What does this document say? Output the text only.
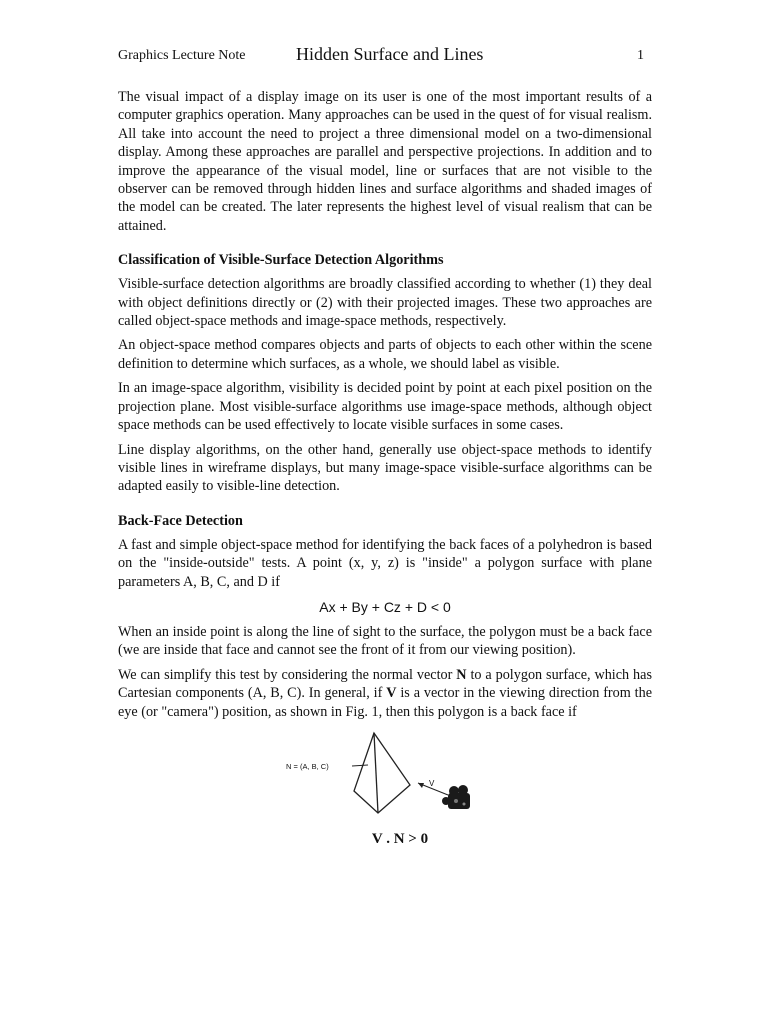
Graphics Lecture Note	Hidden Surface and Lines	1

The visual impact of a display image on its user is one of the most important results of a computer graphics operation. Many approaches can be used in the quest of for visual realism. All take into account the need to project a three dimensional model on a two-dimensional display. Among these approaches are parallel and perspective projections. In addition and to improve the appearance of the visual model, line or surfaces that are not visible to the observer can be removed through hidden lines and surface algorithms and shaded images of the model can be created. The later represents the highest level of visual realism that can be attained.

Classification of Visible-Surface Detection Algorithms

Visible-surface detection algorithms are broadly classified according to whether (1) they deal with object definitions directly or (2) with their projected images. These two approaches are called object-space methods and image-space methods, respectively.

An object-space method compares objects and parts of objects to each other within the scene definition to determine which surfaces, as a whole, we should label as visible.

In an image-space algorithm, visibility is decided point by point at each pixel position on the projection plane. Most visible-surface algorithms use image-space methods, although object space methods can be used effectively to locate visible surfaces in some cases.

Line display algorithms, on the other hand, generally use object-space methods to identify visible lines in wireframe displays, but many image-space visible-surface algorithms can be adapted easily to visible-line detection.

Back-Face Detection

A fast and simple object-space method for identifying the back faces of a polyhedron is based on the "inside-outside" tests. A point (x, y, z) is "inside" a polygon surface with plane parameters A, B, C, and D if

Ax + By + Cz + D < 0

When an inside point is along the line of sight to the surface, the polygon must be a back face (we are inside that face and cannot see the front of it from our viewing position).

We can simplify this test by considering the normal vector N to a polygon surface, which has Cartesian components (A, B, C). In general, if V is a vector in the viewing direction from the eye (or "camera") position, as shown in Fig. 1, then this polygon is a back face if

N = (A, B, C)
V
V . N > 0
